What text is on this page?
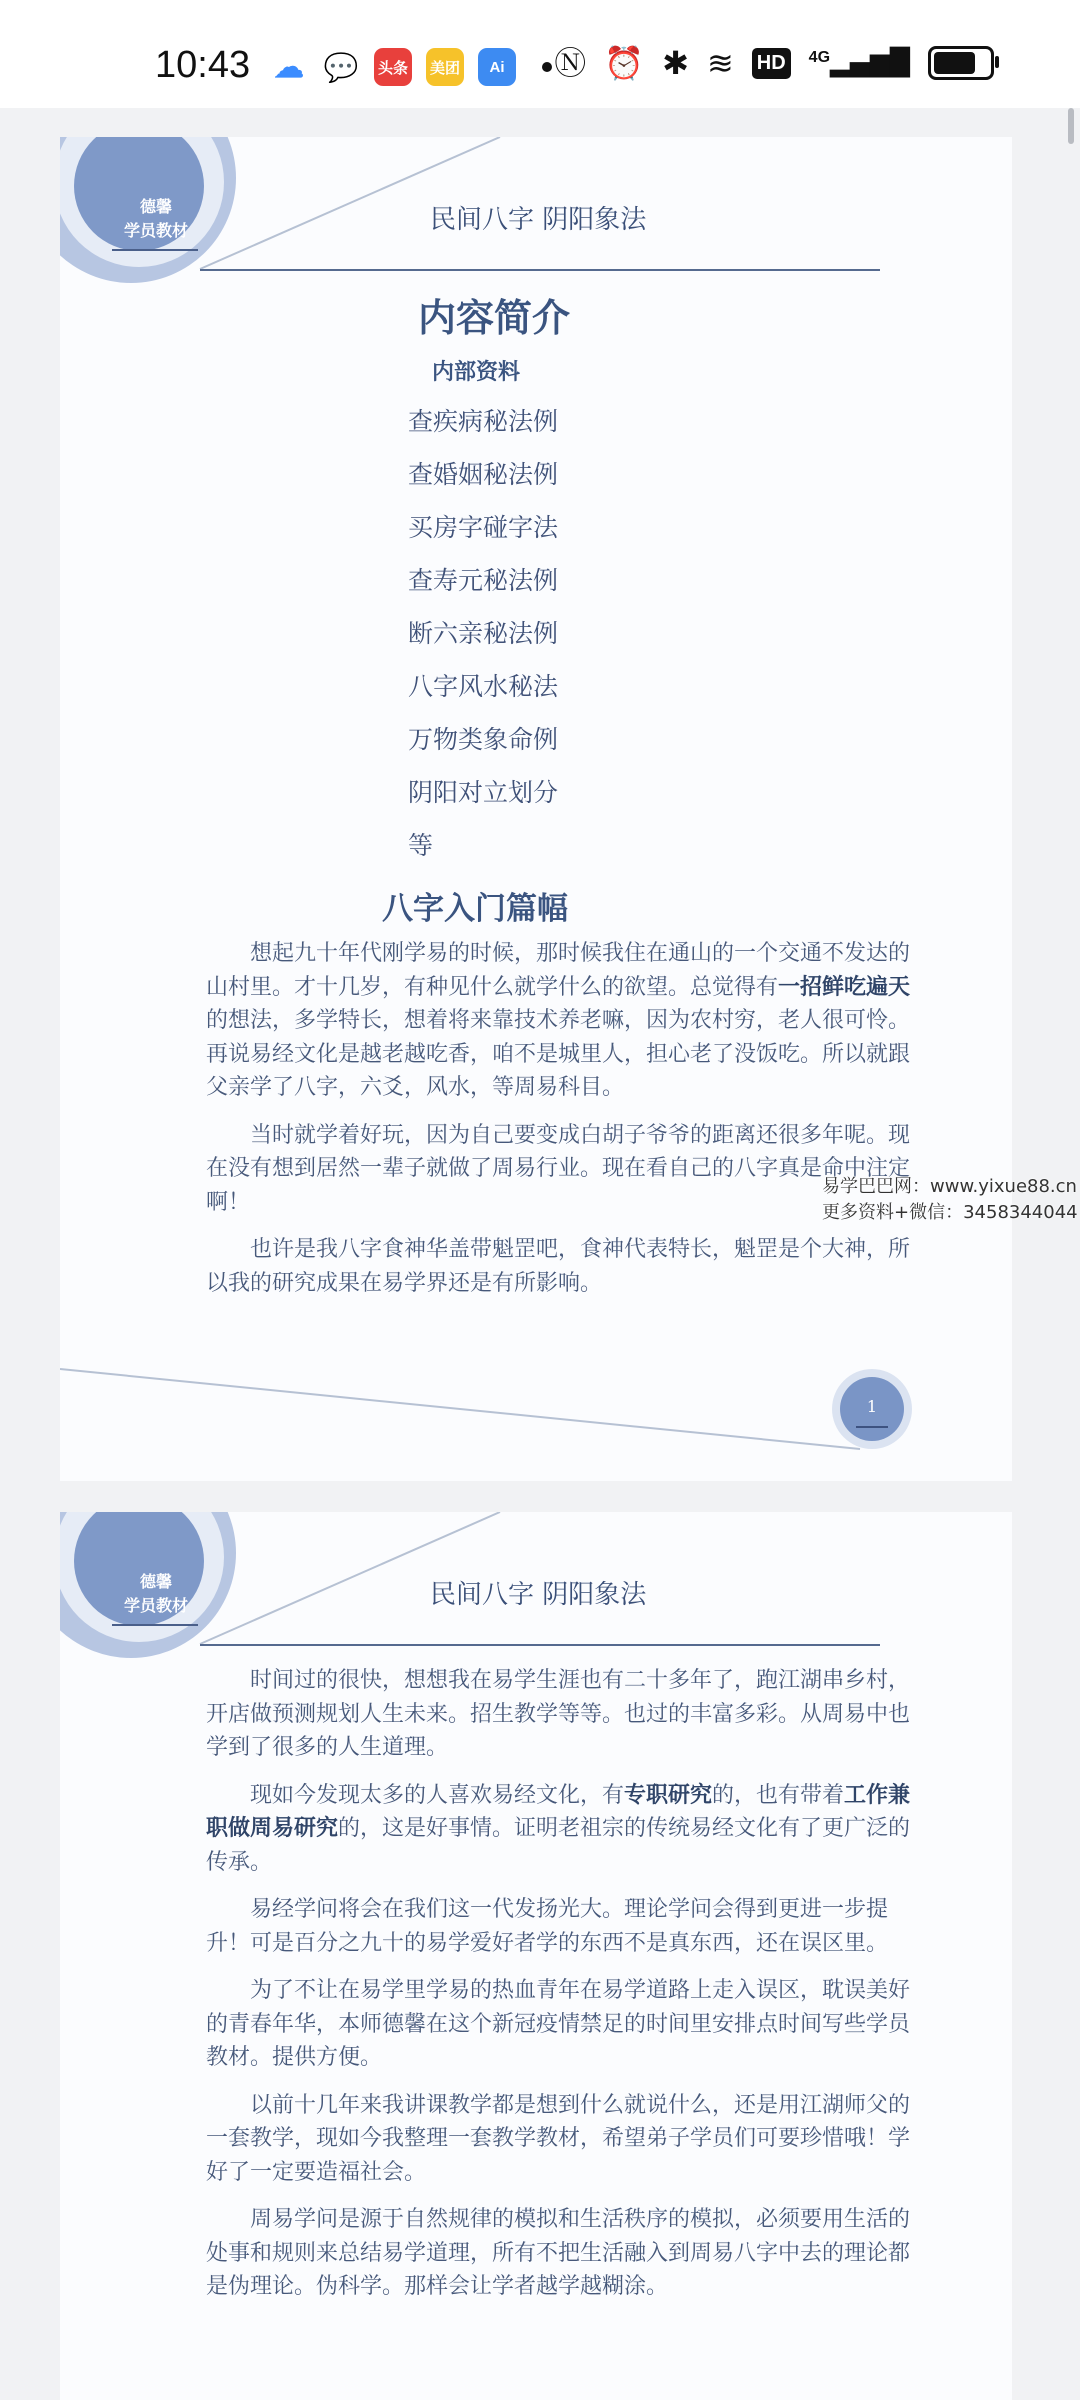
10:43 ☁ 💬 头条 美团	Ai	Ⓝ ⏰ ✱ ≋ HD	$^{4G}$▂▄▆█
德馨
学员教材	民间八字 阴阳象法
内容简介
内部资料
查疾病秘法例
查婚姻秘法例
买房字碰字法
查寿元秘法例
断六亲秘法例
八字风水秘法
万物类象命例
阴阳对立划分
等
八字入门篇幅

想起九十年代刚学易的时候，那时候我住在通山的一个交通不发达的山村里。才十几岁，有种见什么就学什么的欲望。总觉得有一招鲜吃遍天的想法，多学特长，想着将来靠技术养老嘛，因为农村穷，老人很可怜。再说易经文化是越老越吃香，咱不是城里人，担心老了没饭吃。所以就跟父亲学了八字，六爻，风水，等周易科目。

当时就学着好玩，因为自己要变成白胡子爷爷的距离还很多年呢。现在没有想到居然一辈子就做了周易行业。现在看自己的八字真是命中注定啊！

也许是我八字食神华盖带魁罡吧，食神代表特长，魁罡是个大神，所以我的研究成果在易学界还是有所影响。

1
易学巴巴网：www.yixue88.cn
更多资料+微信：3458344044
德馨
学员教材	民间八字 阴阳象法

时间过的很快，想想我在易学生涯也有二十多年了，跑江湖串乡村，开店做预测规划人生未来。招生教学等等。也过的丰富多彩。从周易中也学到了很多的人生道理。

现如今发现太多的人喜欢易经文化，有专职研究的，也有带着工作兼职做周易研究的，这是好事情。证明老祖宗的传统易经文化有了更广泛的传承。

易经学问将会在我们这一代发扬光大。理论学问会得到更进一步提升！可是百分之九十的易学爱好者学的东西不是真东西，还在误区里。

为了不让在易学里学易的热血青年在易学道路上走入误区，耽误美好的青春年华，本师德馨在这个新冠疫情禁足的时间里安排点时间写些学员教材。提供方便。

以前十几年来我讲课教学都是想到什么就说什么，还是用江湖师父的一套教学，现如今我整理一套教学教材，希望弟子学员们可要珍惜哦！学好了一定要造福社会。

周易学问是源于自然规律的模拟和生活秩序的模拟，必须要用生活的处事和规则来总结易学道理，所有不把生活融入到周易八字中去的理论都是伪理论。伪科学。那样会让学者越学越糊涂。
